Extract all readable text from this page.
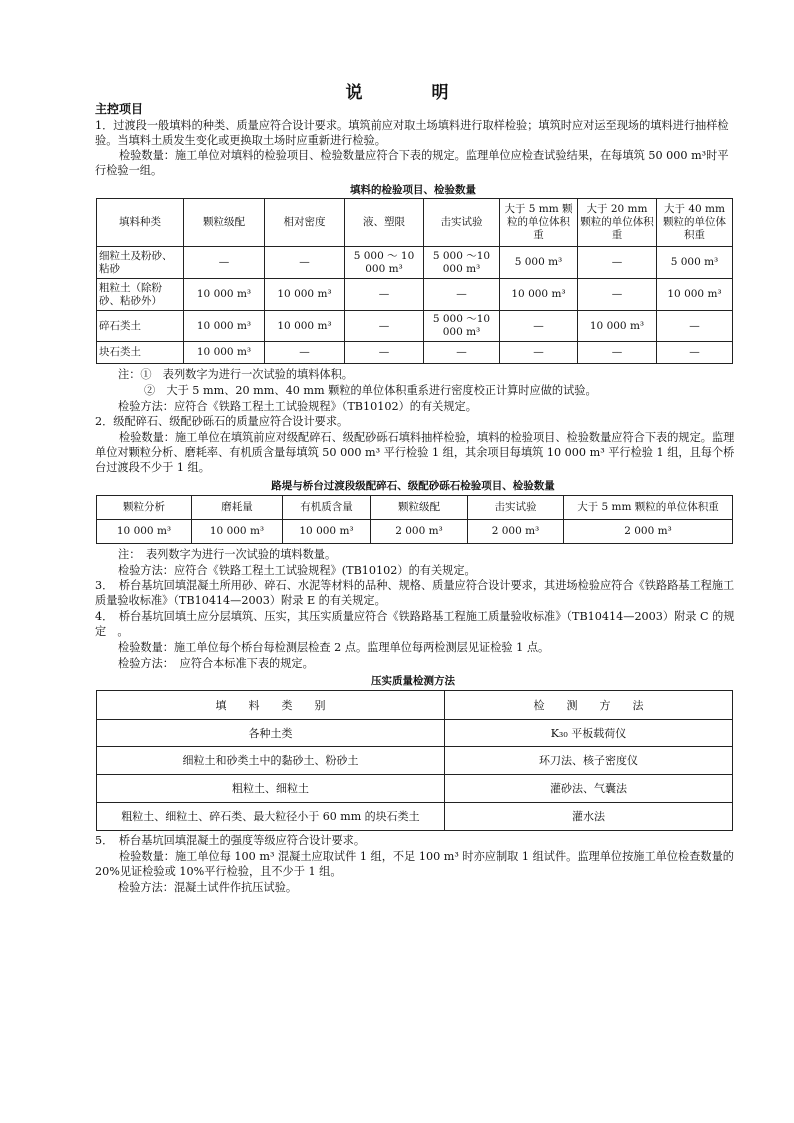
说　明
主控项目
1．过渡段一般填料的种类、质量应符合设计要求。填筑前应对取土场填料进行取样检验；填筑时应对运至现场的填料进行抽样检验。当填料土质发生变化或更换取土场时应重新进行检验。
检验数量：施工单位对填料的检验项目、检验数量应符合下表的规定。监理单位应检查试验结果，在每填筑 50 000 m³时平行检验一组。
填料的检验项目、检验数量
填料种类	颗粒级配	相对密度	液、塑限	击实试验	大于 5 mm 颗粒的单位体积重	大于 20 mm 颗粒的单位体积重	大于 40 mm 颗粒的单位体积重
细粒土及粉砂、粘砂	—	—	5 000 ～ 10 000 m³	5 000 ～10 000 m³	5 000 m³	—	5 000 m³
粗粒土（除粉砂、粘砂外）	10 000 m³	10 000 m³	—	—	10 000 m³	—	10 000 m³
碎石类土	10 000 m³	10 000 m³	—	5 000 ～10 000 m³	—	10 000 m³	—
块石类土	10 000 m³	—	—	—	—	—	—
注：①　表列数字为进行一次试验的填料体积。
②　大于 5 mm、20 mm、40 mm 颗粒的单位体积重系进行密度校正计算时应做的试验。
检验方法：应符合《铁路工程土工试验规程》（TB10102）的有关规定。
2．级配碎石、级配砂砾石的质量应符合设计要求。
检验数量：施工单位在填筑前应对级配碎石、级配砂砾石填料抽样检验，填料的检验项目、检验数量应符合下表的规定。监理单位对颗粒分析、磨耗率、有机质含量每填筑 50 000 m³ 平行检验 1 组，其余项目每填筑 10 000 m³ 平行检验 1 组，且每个桥台过渡段不少于 1 组。
路堤与桥台过渡段级配碎石、级配砂砾石检验项目、检验数量
颗粒分析	磨耗量	有机质含量	颗粒级配	击实试验	大于 5 mm 颗粒的单位体积重
10 000 m³	10 000 m³	10 000 m³	2 000 m³	2 000 m³	2 000 m³
注：　表列数字为进行一次试验的填料数量。
检验方法：应符合《铁路工程土工试验规程》(TB10102）的有关规定。
3．　桥台基坑回填混凝土所用砂、碎石、水泥等材料的品种、规格、质量应符合设计要求，其进场检验应符合《铁路路基工程施工质量验收标准》（TB10414—2003）附录 E 的有关规定。
4．　桥台基坑回填土应分层填筑、压实，其压实质量应符合《铁路路基工程施工质量验收标准》（TB10414—2003）附录 C 的规定　。
检验数量：施工单位每个桥台每检测层检查 2 点。监理单位每两检测层见证检验 1 点。
检验方法：　应符合本标准下表的规定。
压实质量检测方法
填　　料　　类　　别	检　　测　　方　　法
各种土类	K₃₀ 平板载荷仪
细粒土和砂类土中的黏砂土、粉砂土	环刀法、核子密度仪
粗粒土、细粒土	灌砂法、气囊法
粗粒土、细粒土、碎石类、最大粒径小于 60 mm 的块石类土	灌水法
5．　桥台基坑回填混凝土的强度等级应符合设计要求。
检验数量：施工单位每 100 m³ 混凝土应取试件 1 组，不足 100 m³ 时亦应制取 1 组试件。监理单位按施工单位检查数量的 20%见证检验或 10%平行检验，且不少于 1 组。
检验方法：混凝土试件作抗压试验。
